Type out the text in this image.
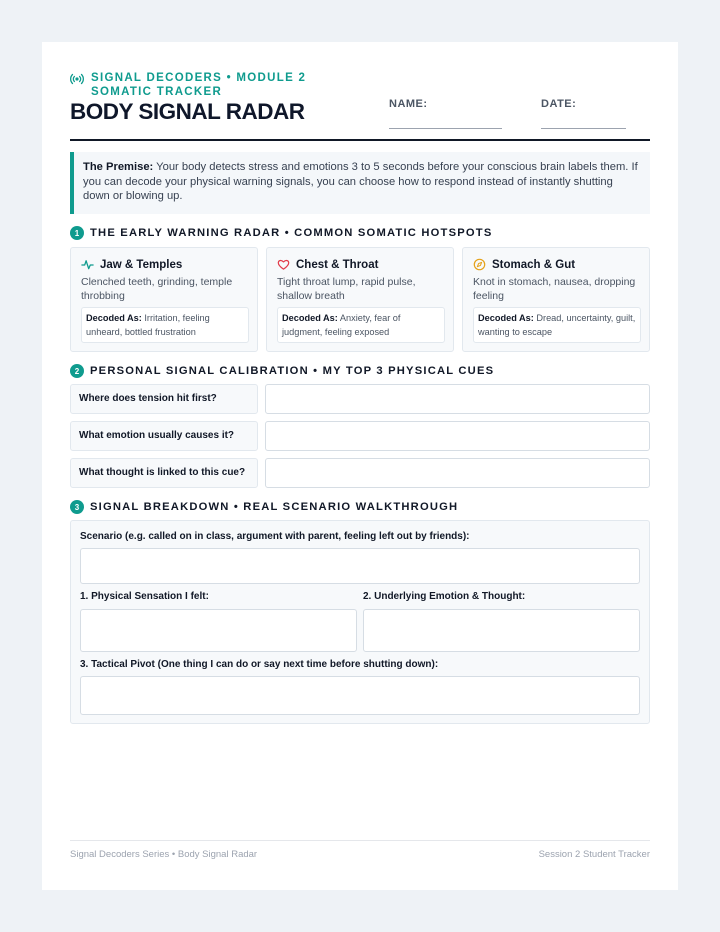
SIGNAL DECODERS • MODULE 2 SOMATIC TRACKER
BODY SIGNAL RADAR	NAME:	DATE:
The Premise: Your body detects stress and emotions 3 to 5 seconds before your conscious brain labels them. If you can decode your physical warning signals, you can choose how to respond instead of instantly shutting down or blowing up.
1 THE EARLY WARNING RADAR • COMMON SOMATIC HOTSPOTS
Jaw & Temples
Clenched teeth, grinding, temple throbbing
Decoded As: Irritation, feeling unheard, bottled frustration
Chest & Throat
Tight throat lump, rapid pulse, shallow breath
Decoded As: Anxiety, fear of judgment, feeling exposed
Stomach & Gut
Knot in stomach, nausea, dropping feeling
Decoded As: Dread, uncertainty, guilt, wanting to escape
2 PERSONAL SIGNAL CALIBRATION • MY TOP 3 PHYSICAL CUES
Where does tension hit first?
What emotion usually causes it?
What thought is linked to this cue?
3 SIGNAL BREAKDOWN • REAL SCENARIO WALKTHROUGH
Scenario (e.g. called on in class, argument with parent, feeling left out by friends):
1. Physical Sensation I felt:	2. Underlying Emotion & Thought:
3. Tactical Pivot (One thing I can do or say next time before shutting down):
Signal Decoders Series • Body Signal Radar	Session 2 Student Tracker
